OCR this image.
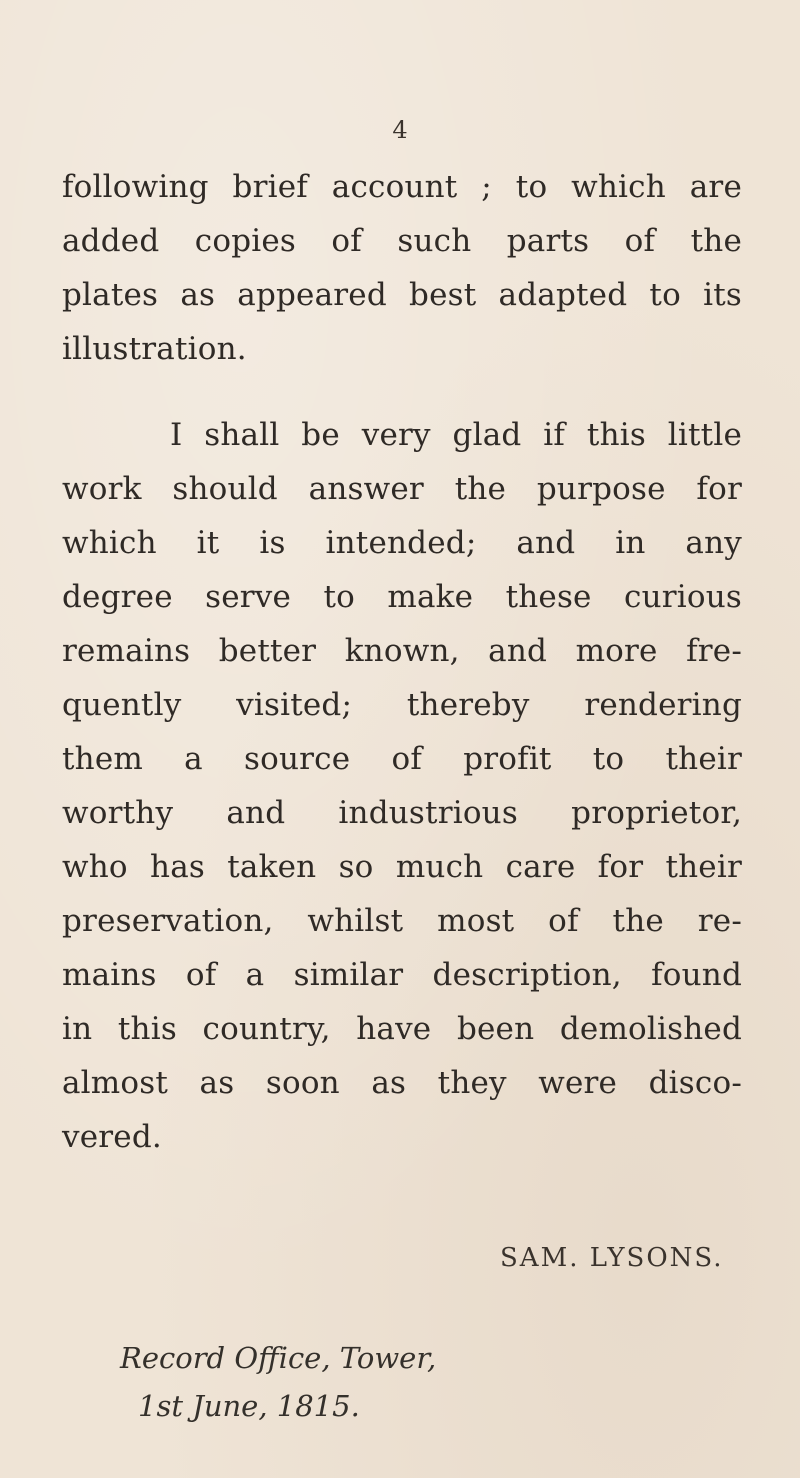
4
following brief account ; to which are
added copies of such parts of the
plates as appeared best adapted to its
illustration.
I shall be very glad if this little
work should answer the purpose for
which it is intended; and in any
degree serve to make these curious
remains better known, and more fre-
quently visited; thereby rendering
them a source of profit to their
worthy and industrious proprietor,
who has taken so much care for their
preservation, whilst most of the re-
mains of a similar description, found
in this country, have been demolished
almost as soon as they were disco-
vered.
SAM. LYSONS.
Record Office, Tower,
1st June, 1815.
